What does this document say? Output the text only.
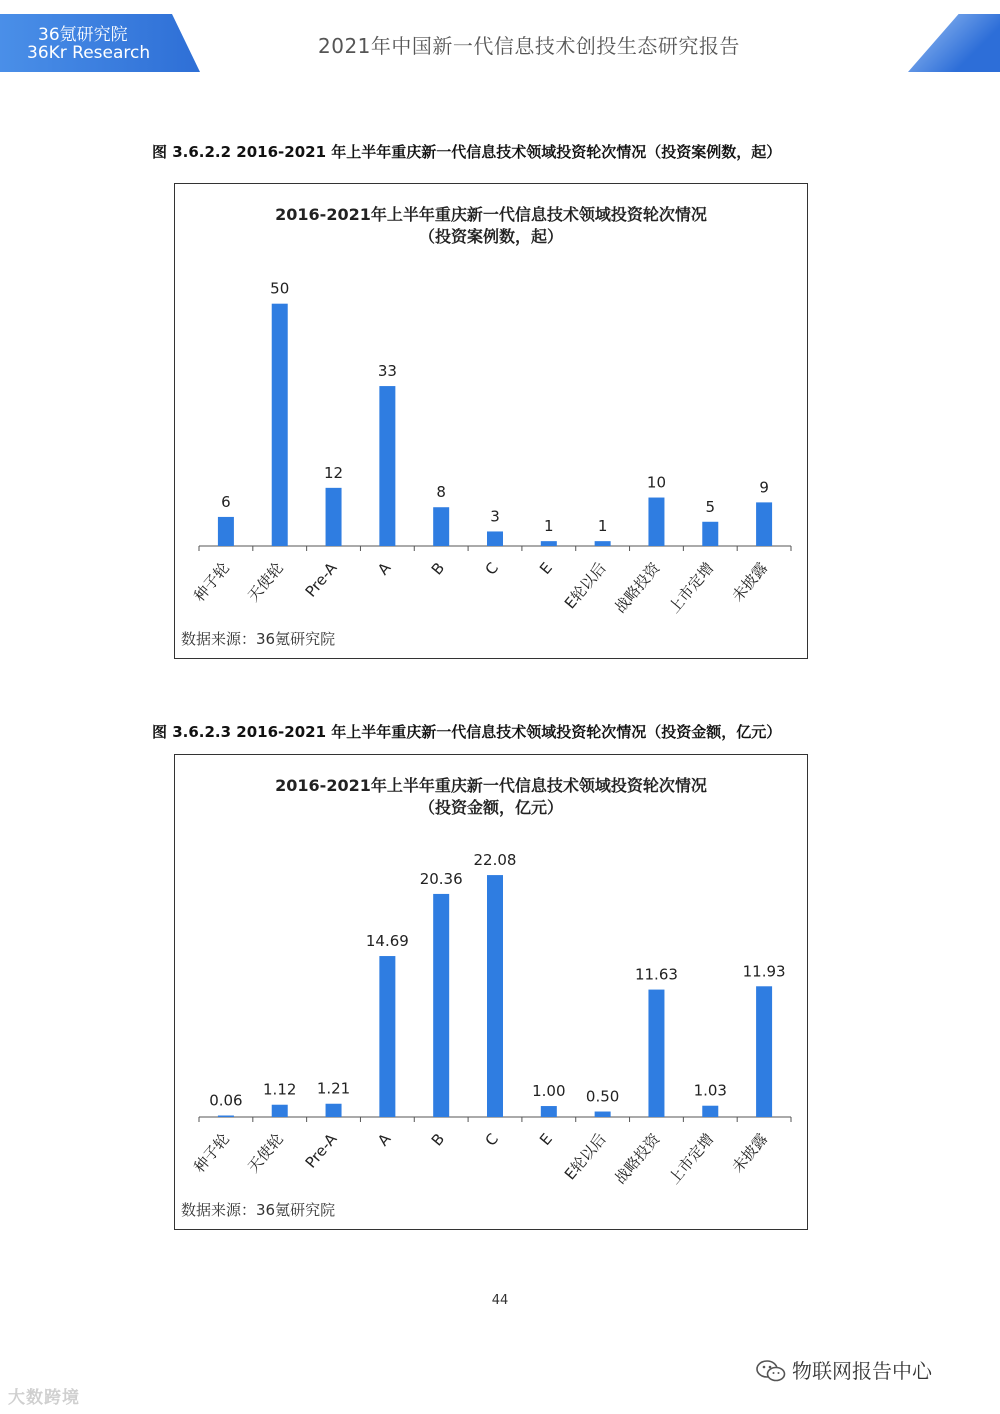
36氪研究院
36Kr Research	2021年中国新一代信息技术创投生态研究报告
图 3.6.2.2 2016-2021 年上半年重庆新一代信息技术领域投资轮次情况（投资案例数，起）
2016-2021年上半年重庆新一代信息技术领域投资轮次情况
（投资案例数，起）
6
种子轮
50
天使轮
12
Pre-A
33
A
8
B
3
C
1
E
1
E轮以后
10
战略投资
5
上市定增
9
未披露
数据来源：36氪研究院
图 3.6.2.3 2016-2021 年上半年重庆新一代信息技术领域投资轮次情况（投资金额，亿元）
2016-2021年上半年重庆新一代信息技术领域投资轮次情况
（投资金额，亿元）
0.06
种子轮
1.12
天使轮
1.21
Pre-A
14.69
A
20.36
B
22.08
C
1.00
E
0.50
E轮以后
11.63
战略投资
1.03
上市定增
11.93
未披露
数据来源：36氪研究院
44
大数跨境
物联网报告中心
